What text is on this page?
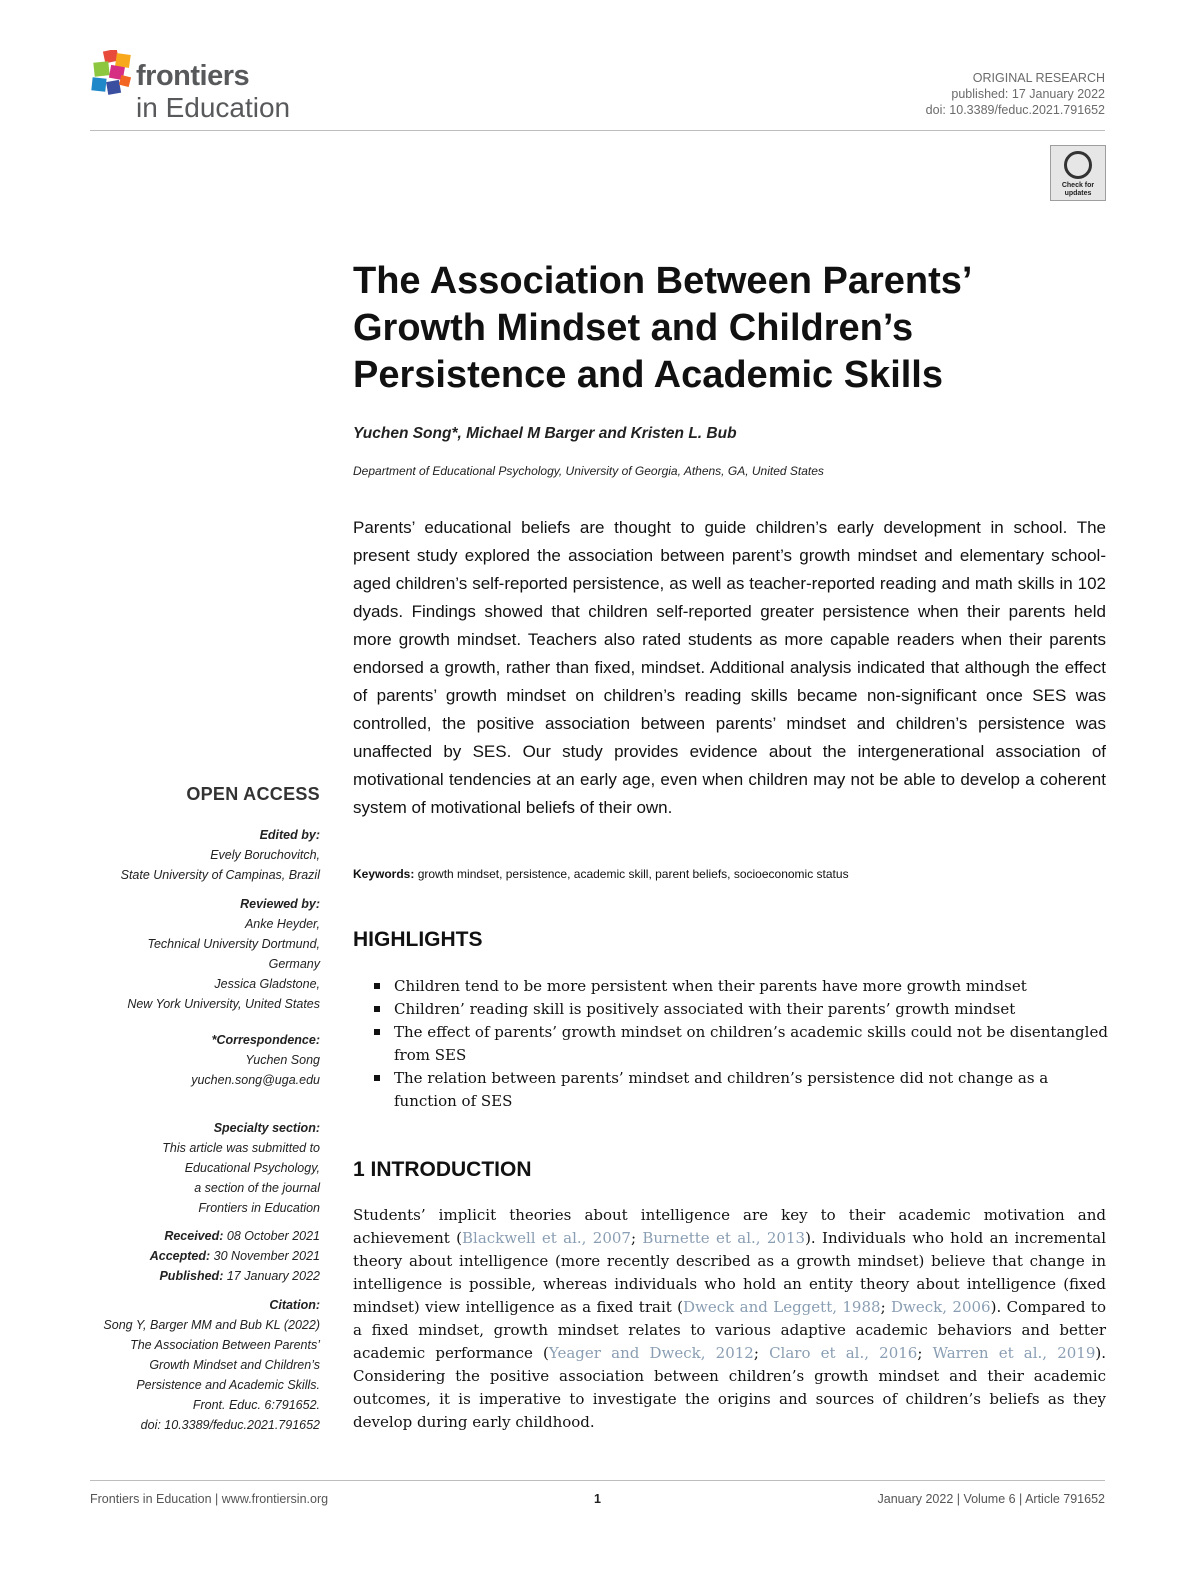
frontiers
in Education
ORIGINAL RESEARCH
published: 17 January 2022
doi: 10.3389/feduc.2021.791652
Check for updates
The Association Between Parents’ Growth Mindset and Children’s Persistence and Academic Skills
Yuchen Song*, Michael M Barger and Kristen L. Bub
Department of Educational Psychology, University of Georgia, Athens, GA, United States
Parents’ educational beliefs are thought to guide children’s early development in school. The present study explored the association between parent’s growth mindset and elementary school-aged children’s self-reported persistence, as well as teacher-reported reading and math skills in 102 dyads. Findings showed that children self-reported greater persistence when their parents held more growth mindset. Teachers also rated students as more capable readers when their parents endorsed a growth, rather than fixed, mindset. Additional analysis indicated that although the effect of parents’ growth mindset on children’s reading skills became non-significant once SES was controlled, the positive association between parents’ mindset and children’s persistence was unaffected by SES. Our study provides evidence about the intergenerational association of motivational tendencies at an early age, even when children may not be able to develop a coherent system of motivational beliefs of their own.
Keywords: growth mindset, persistence, academic skill, parent beliefs, socioeconomic status
HIGHLIGHTS
Children tend to be more persistent when their parents have more growth mindset
Children’ reading skill is positively associated with their parents’ growth mindset
The effect of parents’ growth mindset on children’s academic skills could not be disentangled from SES
The relation between parents’ mindset and children’s persistence did not change as a function of SES
1 INTRODUCTION

Students’ implicit theories about intelligence are key to their academic motivation and achievement (Blackwell et al., 2007; Burnette et al., 2013). Individuals who hold an incremental theory about intelligence (more recently described as a growth mindset) believe that change in intelligence is possible, whereas individuals who hold an entity theory about intelligence (fixed mindset) view intelligence as a fixed trait (Dweck and Leggett, 1988; Dweck, 2006). Compared to a fixed mindset, growth mindset relates to various adaptive academic behaviors and better academic performance (Yeager and Dweck, 2012; Claro et al., 2016; Warren et al., 2019). Considering the positive association between children’s growth mindset and their academic outcomes, it is imperative to investigate the origins and sources of children’s beliefs as they develop during early childhood.

OPEN ACCESS
Edited by:
Evely Boruchovitch,
State University of Campinas, Brazil
Reviewed by:
Anke Heyder,
Technical University Dortmund,
Germany
Jessica Gladstone,
New York University, United States
*Correspondence:
Yuchen Song
yuchen.song@uga.edu
Specialty section:
This article was submitted to
Educational Psychology,
a section of the journal
Frontiers in Education
Received: 08 October 2021
Accepted: 30 November 2021
Published: 17 January 2022
Citation:
Song Y, Barger MM and Bub KL (2022)
The Association Between Parents’
Growth Mindset and Children’s
Persistence and Academic Skills.
Front. Educ. 6:791652.
doi: 10.3389/feduc.2021.791652
Frontiers in Education | www.frontiersin.org	1	January 2022 | Volume 6 | Article 791652
